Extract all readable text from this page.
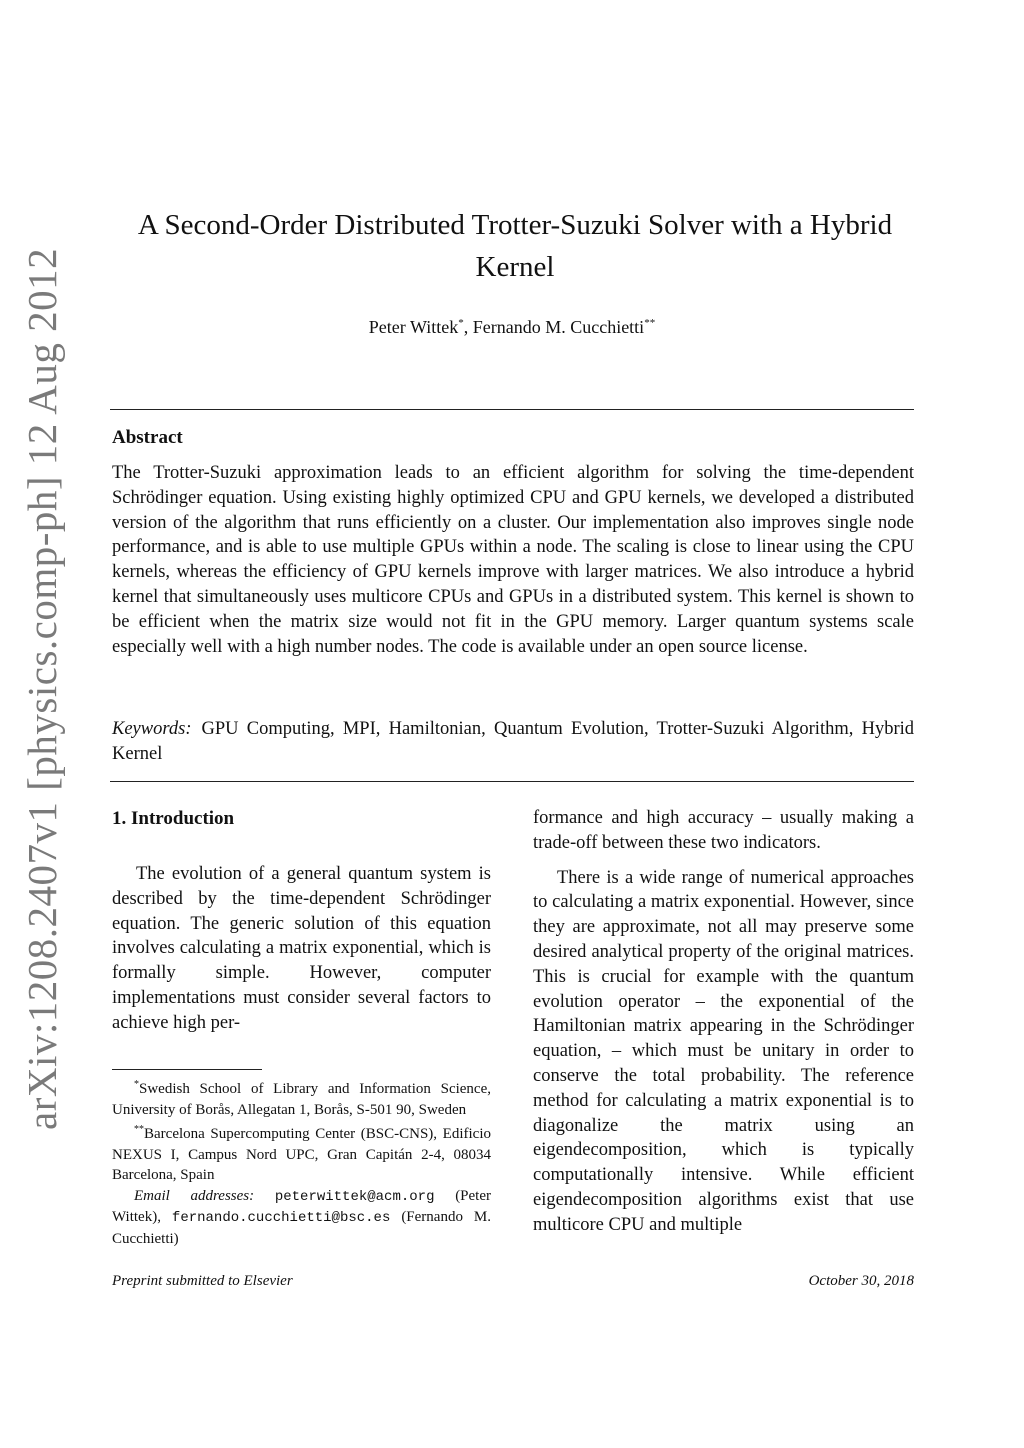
arXiv:1208.2407v1 [physics.comp-ph] 12 Aug 2012
A Second-Order Distributed Trotter-Suzuki Solver with a Hybrid Kernel
Peter Wittek*, Fernando M. Cucchietti**
Abstract

The Trotter-Suzuki approximation leads to an efficient algorithm for solving the time-dependent Schrödinger equation. Using existing highly optimized CPU and GPU kernels, we developed a distributed version of the algorithm that runs efficiently on a cluster. Our implementation also improves single node performance, and is able to use multiple GPUs within a node. The scaling is close to linear using the CPU kernels, whereas the efficiency of GPU kernels improve with larger matrices. We also introduce a hybrid kernel that simultaneously uses multicore CPUs and GPUs in a distributed system. This kernel is shown to be efficient when the matrix size would not fit in the GPU memory. Larger quantum systems scale especially well with a high number nodes. The code is available under an open source license.

Keywords: GPU Computing, MPI, Hamiltonian, Quantum Evolution, Trotter-Suzuki Algorithm, Hybrid Kernel

1. Introduction

The evolution of a general quantum system is described by the time-dependent Schrödinger equation. The generic solution of this equation involves calculating a matrix exponential, which is formally simple. However, computer implementations must consider several factors to achieve high per-

formance and high accuracy – usually making a trade-off between these two indicators.

There is a wide range of numerical approaches to calculating a matrix exponential. However, since they are approximate, not all may preserve some desired analytical property of the original matrices. This is crucial for example with the quantum evolution operator – the exponential of the Hamiltonian matrix appearing in the Schrödinger equation, – which must be unitary in order to conserve the total probability. The reference method for calculating a matrix exponential is to diagonalize the matrix using an eigendecomposition, which is typically computationally intensive. While efficient eigendecomposition algorithms exist that use multicore CPU and multiple

*Swedish School of Library and Information Science, University of Borås, Allegatan 1, Borås, S-501 90, Sweden

**Barcelona Supercomputing Center (BSC-CNS), Edificio NEXUS I, Campus Nord UPC, Gran Capitán 2-4, 08034 Barcelona, Spain

Email addresses: peterwittek@acm.org (Peter Wittek), fernando.cucchietti@bsc.es (Fernando M. Cucchietti)

Preprint submitted to Elsevier	October 30, 2018
